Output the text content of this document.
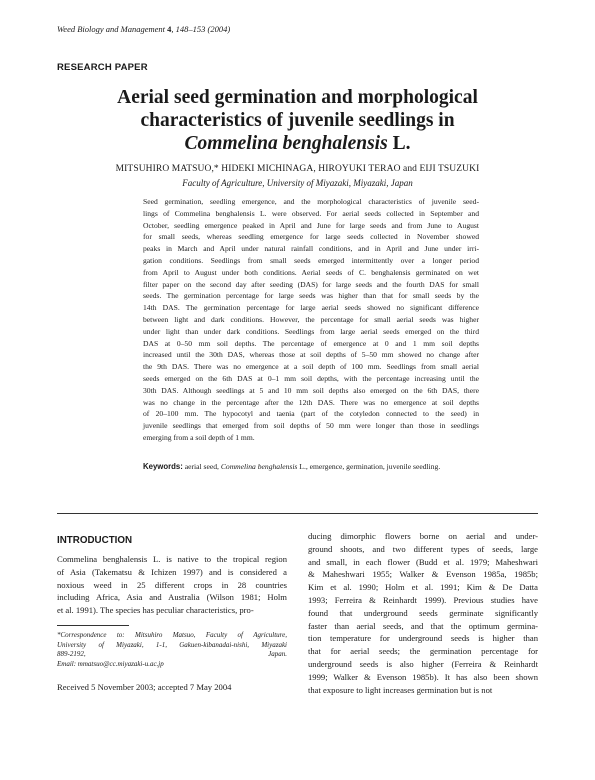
Weed Biology and Management 4, 148–153 (2004)
RESEARCH PAPER
Aerial seed germination and morphological
characteristics of juvenile seedlings in
Commelina benghalensis L.
MITSUHIRO MATSUO,* HIDEKI MICHINAGA, HIROYUKI TERAO and EIJI TSUZUKI
Faculty of Agriculture, University of Miyazaki, Miyazaki, Japan
Seed germination, seedling emergence, and the morphological characteristics of juvenile seed-
lings of Commelina benghalensis L. were observed. For aerial seeds collected in September and
October, seedling emergence peaked in April and June for large seeds and from June to August
for small seeds, whereas seedling emergence for large seeds collected in November showed
peaks in March and April under natural rainfall conditions, and in April and June under irri-
gation conditions. Seedlings from small seeds emerged intermittently over a longer period
from April to August under both conditions. Aerial seeds of C. benghalensis germinated on wet
filter paper on the second day after seeding (DAS) for large seeds and the fourth DAS for small
seeds. The germination percentage for large seeds was higher than that for small seeds by the
14th DAS. The germination percentage for large aerial seeds showed no significant difference
between light and dark conditions. However, the percentage for small aerial seeds was higher
under light than under dark conditions. Seedlings from large aerial seeds emerged on the third
DAS at 0–50 mm soil depths. The percentage of emergence at 0 and 1 mm soil depths
increased until the 30th DAS, whereas those at soil depths of 5–50 mm showed no change after
the 9th DAS. There was no emergence at a soil depth of 100 mm. Seedlings from small aerial
seeds emerged on the 6th DAS at 0–1 mm soil depths, with the percentage increasing until the
30th DAS. Although seedlings at 5 and 10 mm soil depths also emerged on the 6th DAS, there
was no change in the percentage after the 12th DAS. There was no emergence at soil depths
of 20–100 mm. The hypocotyl and taenia (part of the cotyledon connected to the seed) in
juvenile seedlings that emerged from soil depths of 50 mm were longer than those in seedlings
emerging from a soil depth of 1 mm.
Keywords: aerial seed, Commelina benghalensis L., emergence, germination, juvenile seedling.
INTRODUCTION
Commelina benghalensis L. is native to the tropical region
of Asia (Takematsu & Ichizen 1997) and is considered a
noxious weed in 25 different crops in 28 countries
including Africa, Asia and Australia (Wilson 1981; Holm
et al. 1991). The species has peculiar characteristics, pro-
ducing dimorphic flowers borne on aerial and under-
ground shoots, and two different types of seeds, large
and small, in each flower (Budd et al. 1979; Maheshwari
& Maheshwari 1955; Walker & Evenson 1985a, 1985b;
Kim et al. 1990; Holm et al. 1991; Kim & De Datta
1993; Ferreira & Reinhardt 1999). Previous studies have
found that underground seeds germinate significantly
faster than aerial seeds, and that the optimum germina-
tion temperature for underground seeds is higher than
that for aerial seeds; the germination percentage for
underground seeds is also higher (Ferreira & Reinhardt
1999; Walker & Evenson 1985b). It has also been shown
that exposure to light increases germination but is not
*Correspondence to: Mitsuhiro Matsuo, Faculty of Agriculture,
University of Miyazaki, 1-1, Gakuen-kibanadai-nishi, Miyazaki
889-2192, Japan.
Email: mmatsuo@cc.miyazaki-u.ac.jp
Received 5 November 2003; accepted 7 May 2004
